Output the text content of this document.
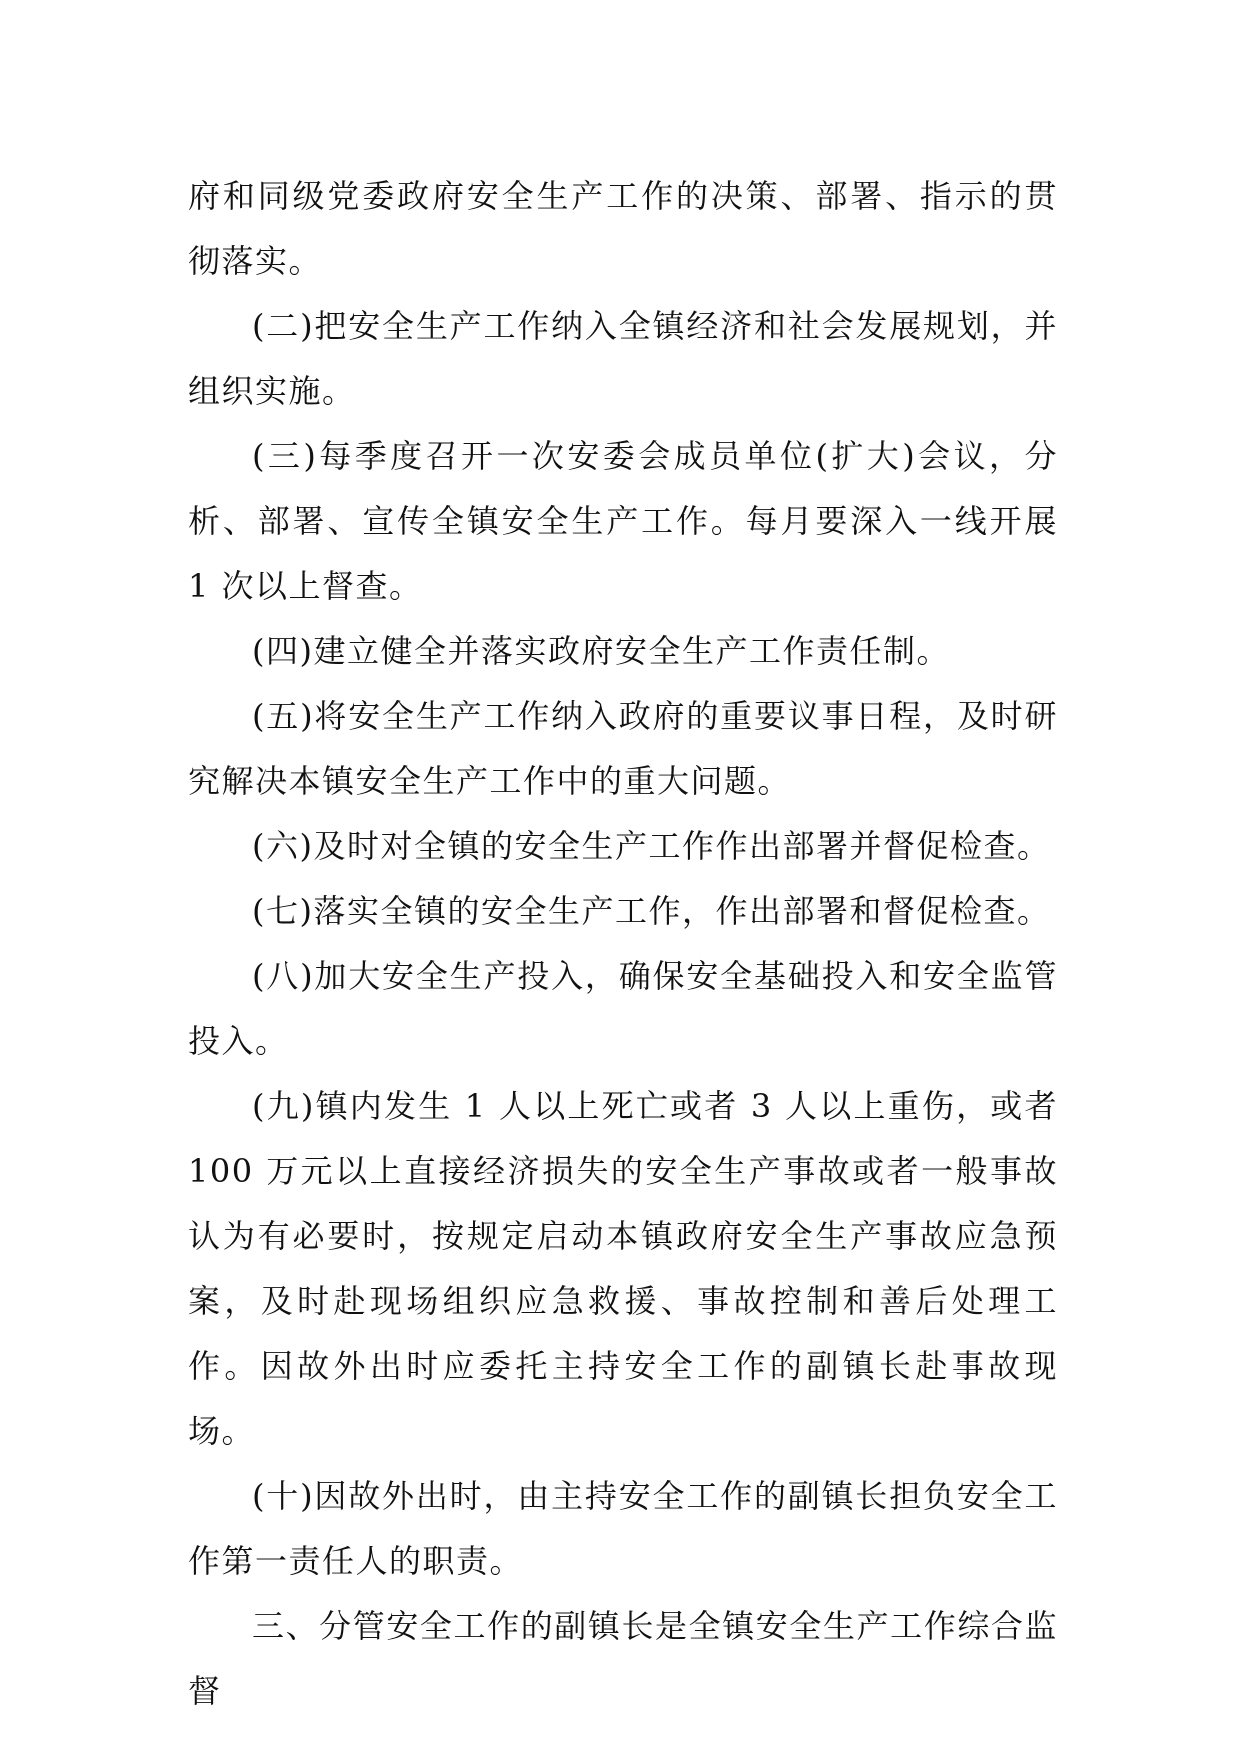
府和同级党委政府安全生产工作的决策、部署、指示的贯彻落实。

(二)把安全生产工作纳入全镇经济和社会发展规划，并组织实施。

(三)每季度召开一次安委会成员单位(扩大)会议，分析、部署、宣传全镇安全生产工作。每月要深入一线开展 1 次以上督查。

(四)建立健全并落实政府安全生产工作责任制。

(五)将安全生产工作纳入政府的重要议事日程，及时研究解决本镇安全生产工作中的重大问题。

(六)及时对全镇的安全生产工作作出部署并督促检查。

(七)落实全镇的安全生产工作，作出部署和督促检查。

(八)加大安全生产投入，确保安全基础投入和安全监管投入。

(九)镇内发生 1 人以上死亡或者 3 人以上重伤，或者 100 万元以上直接经济损失的安全生产事故或者一般事故认为有必要时，按规定启动本镇政府安全生产事故应急预案，及时赴现场组织应急救援、事故控制和善后处理工作。因故外出时应委托主持安全工作的副镇长赴事故现场。

(十)因故外出时，由主持安全工作的副镇长担负安全工作第一责任人的职责。

三、分管安全工作的副镇长是全镇安全生产工作综合监督
